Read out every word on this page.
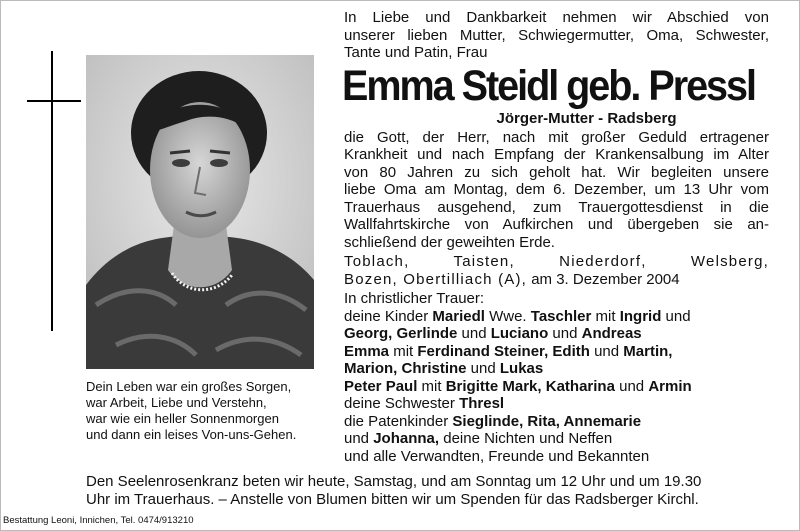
Dein Leben war ein großes Sorgen,
war Arbeit, Liebe und Verstehn,
war wie ein heller Sonnenmorgen
und dann ein leises Von-uns-Gehen.
In Liebe und Dankbarkeit nehmen wir Abschied von
unserer lieben Mutter, Schwiegermutter, Oma, Schwester,
Tante und Patin, Frau
Emma Steidl geb. Pressl
Jörger-Mutter - Radsberg
die Gott, der Herr, nach mit großer Geduld ertragener
Krankheit und nach Empfang der Krankensalbung im Alter
von 80 Jahren zu sich geholt hat. Wir begleiten unsere
liebe Oma am Montag, dem 6. Dezember, um 13 Uhr vom
Trauerhaus ausgehend, zum Trauergottesdienst in die
Wallfahrtskirche von Aufkirchen und übergeben sie an-
schließend der geweihten Erde.
Toblach, Taisten, Niederdorf, Welsberg,
Bozen, Obertilliach (A), am 3. Dezember 2004
In christlicher Trauer:
deine Kinder Mariedl Wwe. Taschler mit Ingrid und
Georg, Gerlinde und Luciano und Andreas
Emma mit Ferdinand Steiner, Edith und Martin,
Marion, Christine und Lukas
Peter Paul mit Brigitte Mark, Katharina und Armin
deine Schwester Thresl
die Patenkinder Sieglinde, Rita, Annemarie
und Johanna, deine Nichten und Neffen
und alle Verwandten, Freunde und Bekannten
Den Seelenrosenkranz beten wir heute, Samstag, und am Sonntag um 12 Uhr und um 19.30
Uhr im Trauerhaus. – Anstelle von Blumen bitten wir um Spenden für das Radsberger Kirchl.
Bestattung Leoni, Innichen, Tel. 0474/913210
